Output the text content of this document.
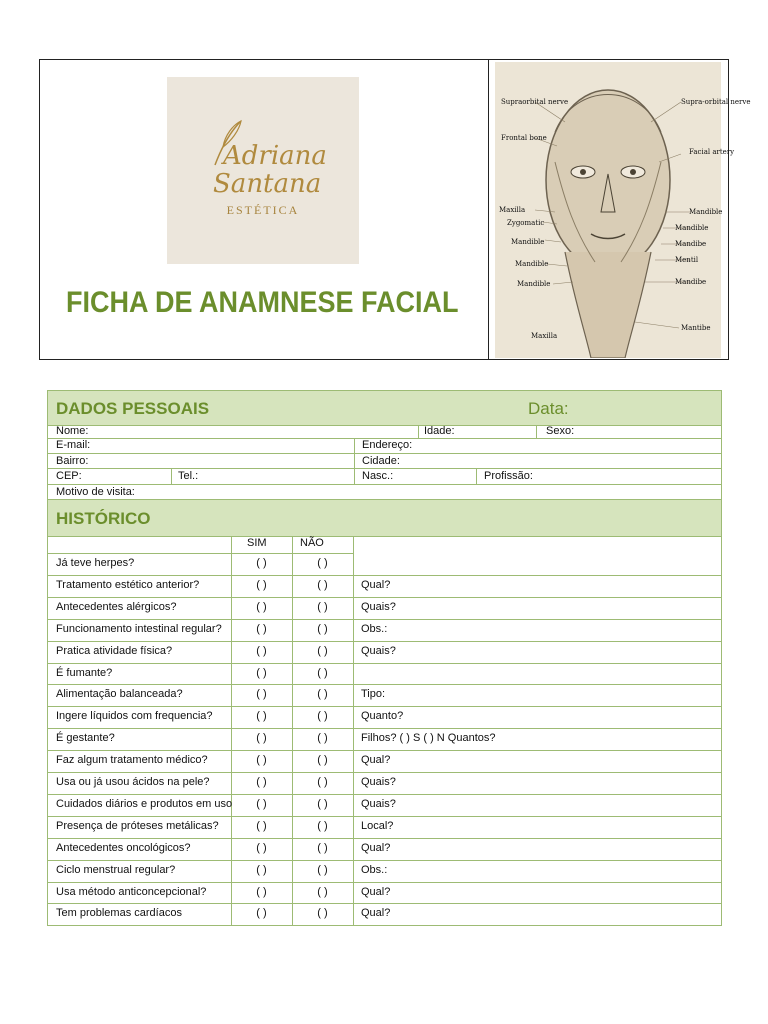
Adriana
Santana
ESTÉTICA
FICHA DE ANAMNESE FACIAL
Supraorbital nerve
Frontal bone
Maxilla
Zygomatic
Mandible
Mandible
Mandible
Maxilla
Supra-orbital nerve
Facial artery
Mandible
Mandible
Mandibe
Mentil
Mandibe
Mantibe
DADOS PESSOAIS	Data:
Nome:	Idade:	Sexo:
E-mail:	Endereço:
Bairro:	Cidade:
CEP:	Tel.:	Nasc.:	Profissão:
Motivo de visita:
HISTÓRICO
SIM	NÃO
Já teve herpes?	( )	( )
Tratamento estético anterior?	( )	( )	Qual?
Antecedentes alérgicos?	( )	( )	Quais?
Funcionamento intestinal regular?	( )	( )	Obs.:
Pratica atividade física?	( )	( )	Quais?
É fumante?	( )	( )
Alimentação balanceada?	( )	( )	Tipo:
Ingere líquidos com frequencia?	( )	( )	Quanto?
É gestante?	( )	( )	Filhos? ( ) S ( ) N Quantos?
Faz algum tratamento médico?	( )	( )	Qual?
Usa ou já usou ácidos na pele?	( )	( )	Quais?
Cuidados diários e produtos em uso	( )	( )	Quais?
Presença de próteses metálicas?	( )	( )	Local?
Antecedentes oncológicos?	( )	( )	Qual?
Ciclo menstrual regular?	( )	( )	Obs.:
Usa método anticoncepcional?	( )	( )	Qual?
Tem problemas cardíacos	( )	( )	Qual?
